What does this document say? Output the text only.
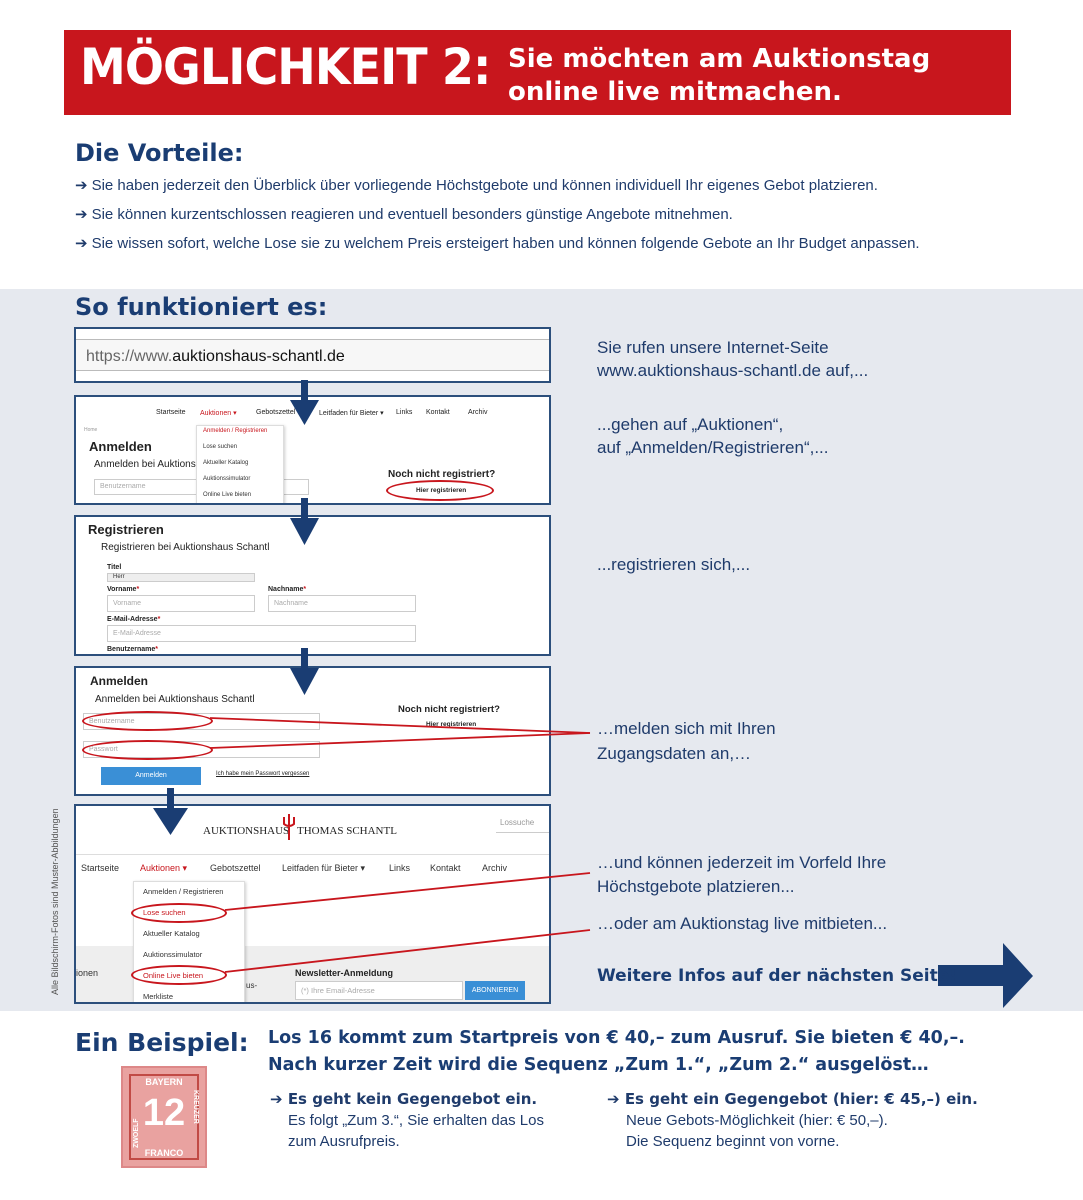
MÖGLICHKEIT 2: Sie möchten am Auktionstag
online live mitmachen.
Die Vorteile:
➔ Sie haben jederzeit den Überblick über vorliegende Höchstgebote und können individuell Ihr eigenes Gebot platzieren.
➔ Sie können kurzentschlossen reagieren und eventuell besonders günstige Angebote mitnehmen.
➔ Sie wissen sofort, welche Lose sie zu welchem Preis ersteigert haben und können folgende Gebote an Ihr Budget anpassen.
So funktioniert es:
https://www.auktionshaus-schantl.de
Startseite Auktionen ▾	Gebotszettel	Leitfaden für Bieter ▾ Links Kontakt	Archiv
Home
Anmelden
Anmelden bei Auktions
Benutzername
Anmelden / Registrieren
Lose suchen
Aktueller Katalog
Auktionssimulator
Online Live bieten
Noch nicht registriert?
Hier registrieren
Registrieren
Registrieren bei Auktionshaus Schantl
Titel
Herr
Vorname*
Vorname
Nachname*
Nachname
E-Mail-Adresse*
E-Mail-Adresse
Benutzername*
Anmelden
Anmelden bei Auktionshaus Schantl
Benutzername
Passwort
Anmelden	Ich habe mein Passwort vergessen
Noch nicht registriert?
Hier registrieren
AUKTIONSHAUS THOMAS SCHANTL
Lossuche
Startseite Auktionen ▾	Gebotszettel Leitfaden für Bieter ▾	Links Kontakt Archiv
ionen
us-
Newsletter-Anmeldung
(*) Ihre Email-Adresse	ABONNIEREN
Anmelden / Registrieren
Lose suchen
Aktueller Katalog
Auktionssimulator
Online Live bieten
Merkliste
Sie rufen unsere Internet-Seite
www.auktionshaus-schantl.de auf,...
...gehen auf „Auktionen“,
auf „Anmelden/Registrieren“,...
...registrieren sich,...
…melden sich mit Ihren
Zugangsdaten an,…
…und können jederzeit im Vorfeld Ihre
Höchstgebote platzieren...
…oder am Auktionstag live mitbieten...
Weitere Infos auf der nächsten Seite!
Alle Bildschirm-Fotos sind Muster-Abbildungen
Ein Beispiel: Los 16 kommt zum Startpreis von € 40,– zum Ausruf. Sie bieten € 40,–.
Nach kurzer Zeit wird die Sequenz „Zum 1.“, „Zum 2.“ ausgelöst…
BAYERN
12
FRANCO
ZWOELF
KREUZER	➔ Es geht kein Gegengebot ein.
Es folgt „Zum 3.“, Sie erhalten das Los
zum Ausrufpreis.
➔ Es geht ein Gegengebot (hier: € 45,–) ein.
Neue Gebots-Möglichkeit (hier: € 50,–).
Die Sequenz beginnt von vorne.
